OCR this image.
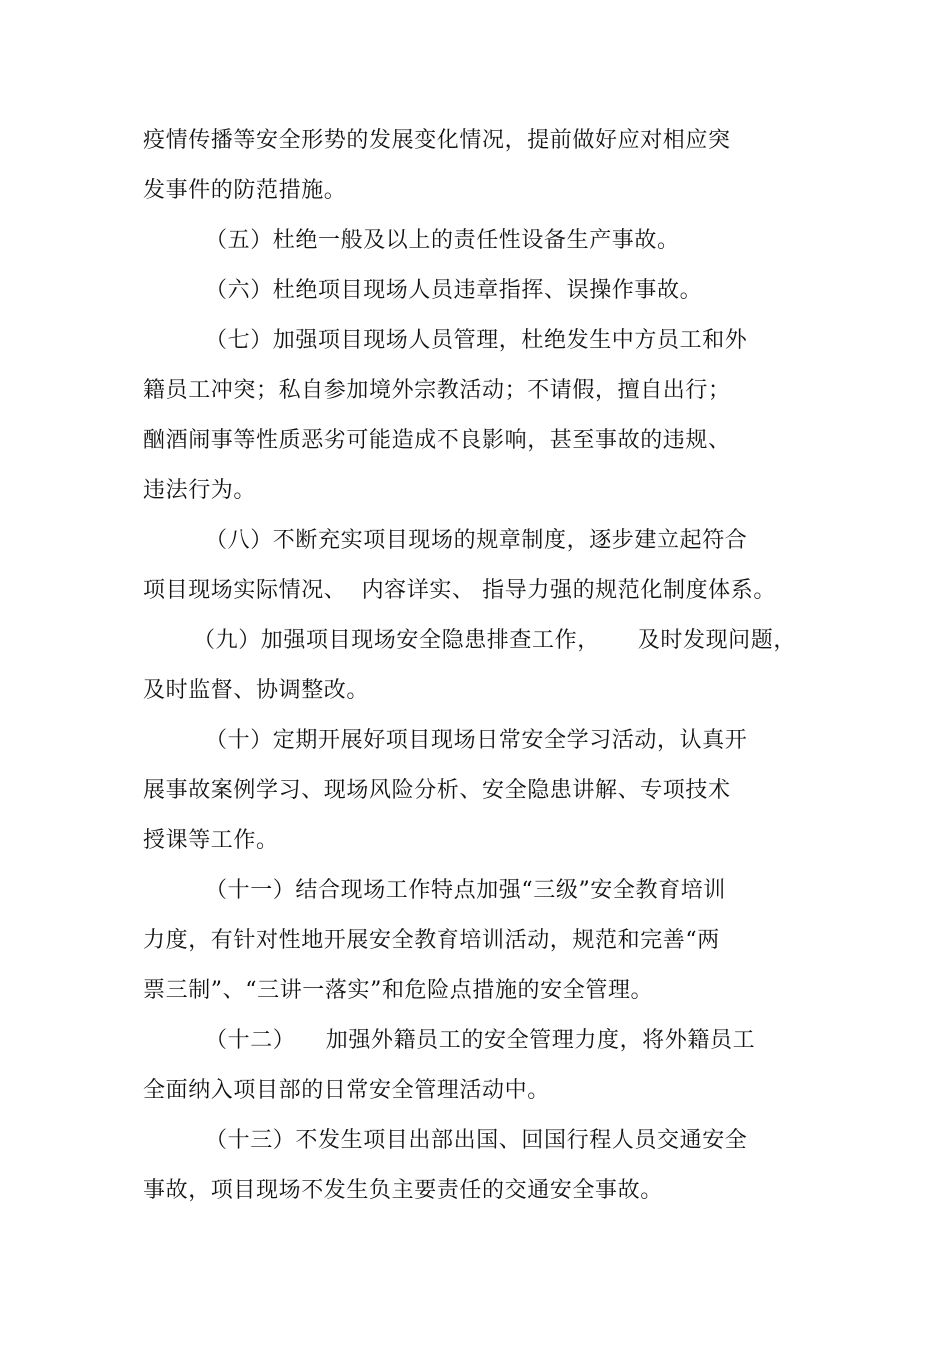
疫情传播等安全形势的发展变化情况，提前做好应对相应突
发事件的防范措施。
（五）杜绝一般及以上的责任性设备生产事故。
（六）杜绝项目现场人员违章指挥、误操作事故。
（七）加强项目现场人员管理，杜绝发生中方员工和外
籍员工冲突；私自参加境外宗教活动；不请假，擅自出行；
酗酒闹事等性质恶劣可能造成不良影响，甚至事故的违规、
违法行为。
（八）不断充实项目现场的规章制度，逐步建立起符合
项目现场实际情况、  内容详实、 指导力强的规范化制度体系。
（九）加强项目现场安全隐患排查工作，     及时发现问题，
及时监督、协调整改。
（十）定期开展好项目现场日常安全学习活动，认真开
展事故案例学习、现场风险分析、安全隐患讲解、专项技术
授课等工作。
（十一）结合现场工作特点加强“三级”安全教育培训
力度，有针对性地开展安全教育培训活动，规范和完善“两
票三制”、“三讲一落实”和危险点措施的安全管理。
（十二）    加强外籍员工的安全管理力度，将外籍员工
全面纳入项目部的日常安全管理活动中。
（十三）不发生项目出部出国、回国行程人员交通安全
事故，项目现场不发生负主要责任的交通安全事故。
